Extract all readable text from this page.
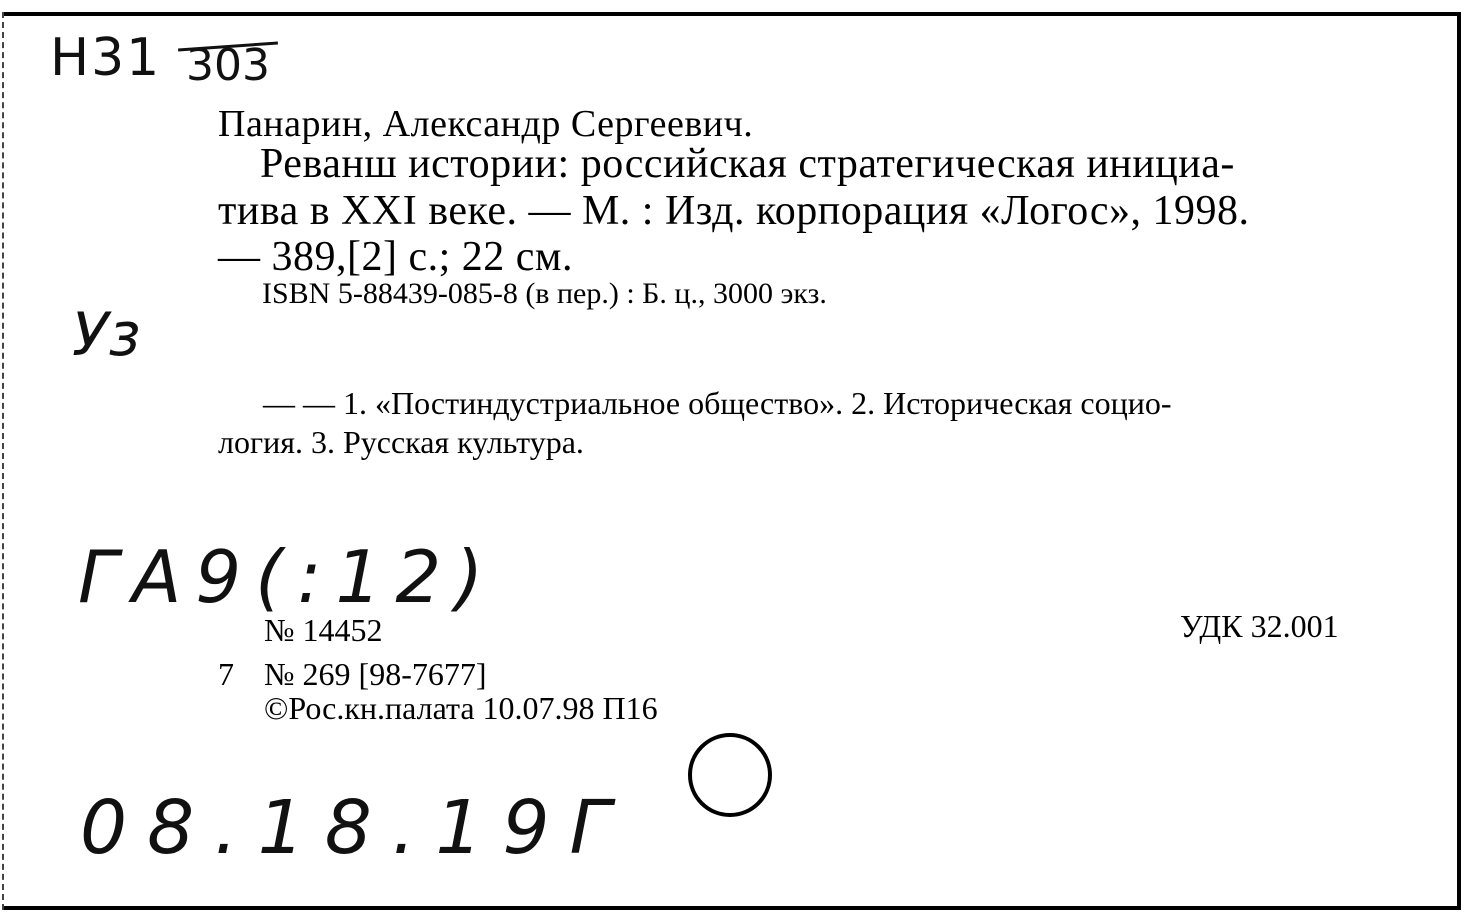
Н31 303
Уз
ГА9(:12)
08.18.19Г
Панарин, Александр Сергеевич.
Реванш истории: российская стратегическая инициа-
тива в XXI веке. — М. : Изд. корпорация «Логос», 1998.
— 389,[2] с.; 22 см.
ISBN 5-88439-085-8 (в пер.) : Б. ц., 3000 экз.
— — 1. «Постиндустриальное общество». 2. Историческая социо-
логия. 3. Русская культура.
№ 14452	УДК 32.001
7 № 269 [98-7677]
©Рос.кн.палата 10.07.98 П16
